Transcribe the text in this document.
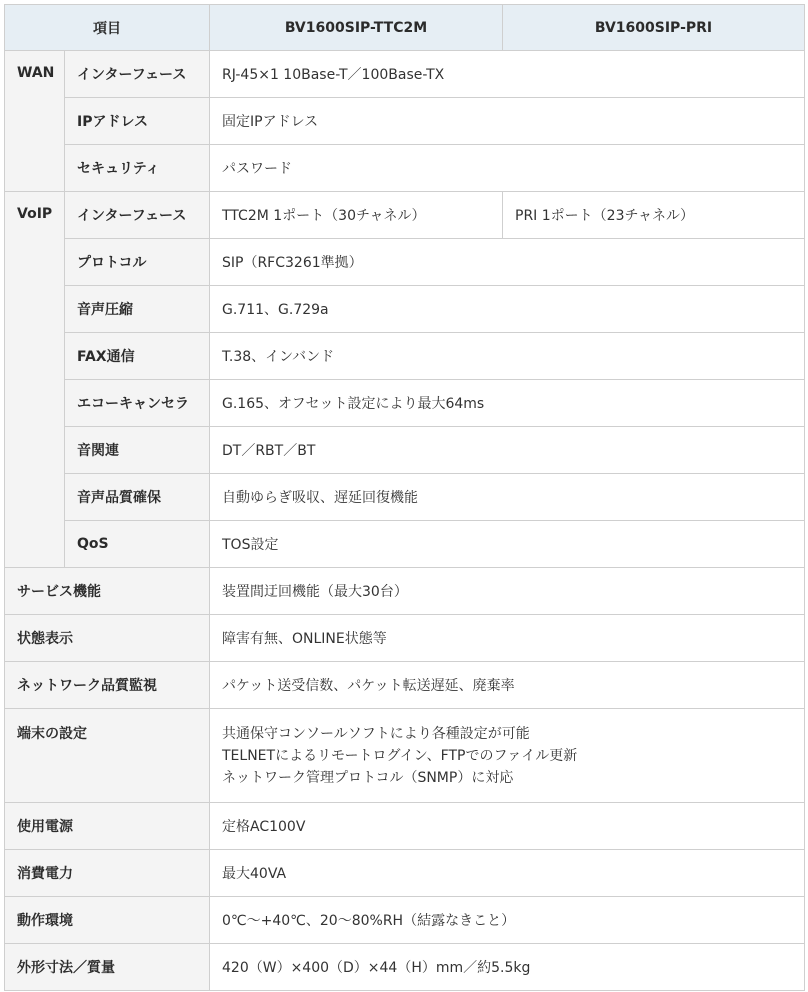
項目		BV1600SIP-TTC2M	BV1600SIP-PRI
WAN	インターフェース	RJ-45×1 10Base-T／100Base-TX	
	IPアドレス	固定IPアドレス	
	セキュリティ	パスワード	
VoIP	インターフェース	TTC2M 1ポート（30チャネル）	PRI 1ポート（23チャネル）
	プロトコル	SIP（RFC3261準拠）	
	音声圧縮	G.711、G.729a	
	FAX通信	T.38、インバンド	
	エコーキャンセラ	G.165、オフセット設定により最大64ms	
	音関連	DT／RBT／BT	
	音声品質確保	自動ゆらぎ吸収、遅延回復機能	
	QoS	TOS設定	
サービス機能		装置間迂回機能（最大30台）	
状態表示		障害有無、ONLINE状態等	
ネットワーク品質監視		パケット送受信数、パケット転送遅延、廃棄率	
端末の設定		共通保守コンソールソフトにより各種設定が可能
TELNETによるリモートログイン、FTPでのファイル更新
ネットワーク管理プロトコル（SNMP）に対応	

使用電源		定格AC100V	
消費電力		最大40VA	
動作環境		0℃～+40℃、20～80%RH（結露なきこと）	
外形寸法／質量		420（W）×400（D）×44（H）mm／約5.5kg	
